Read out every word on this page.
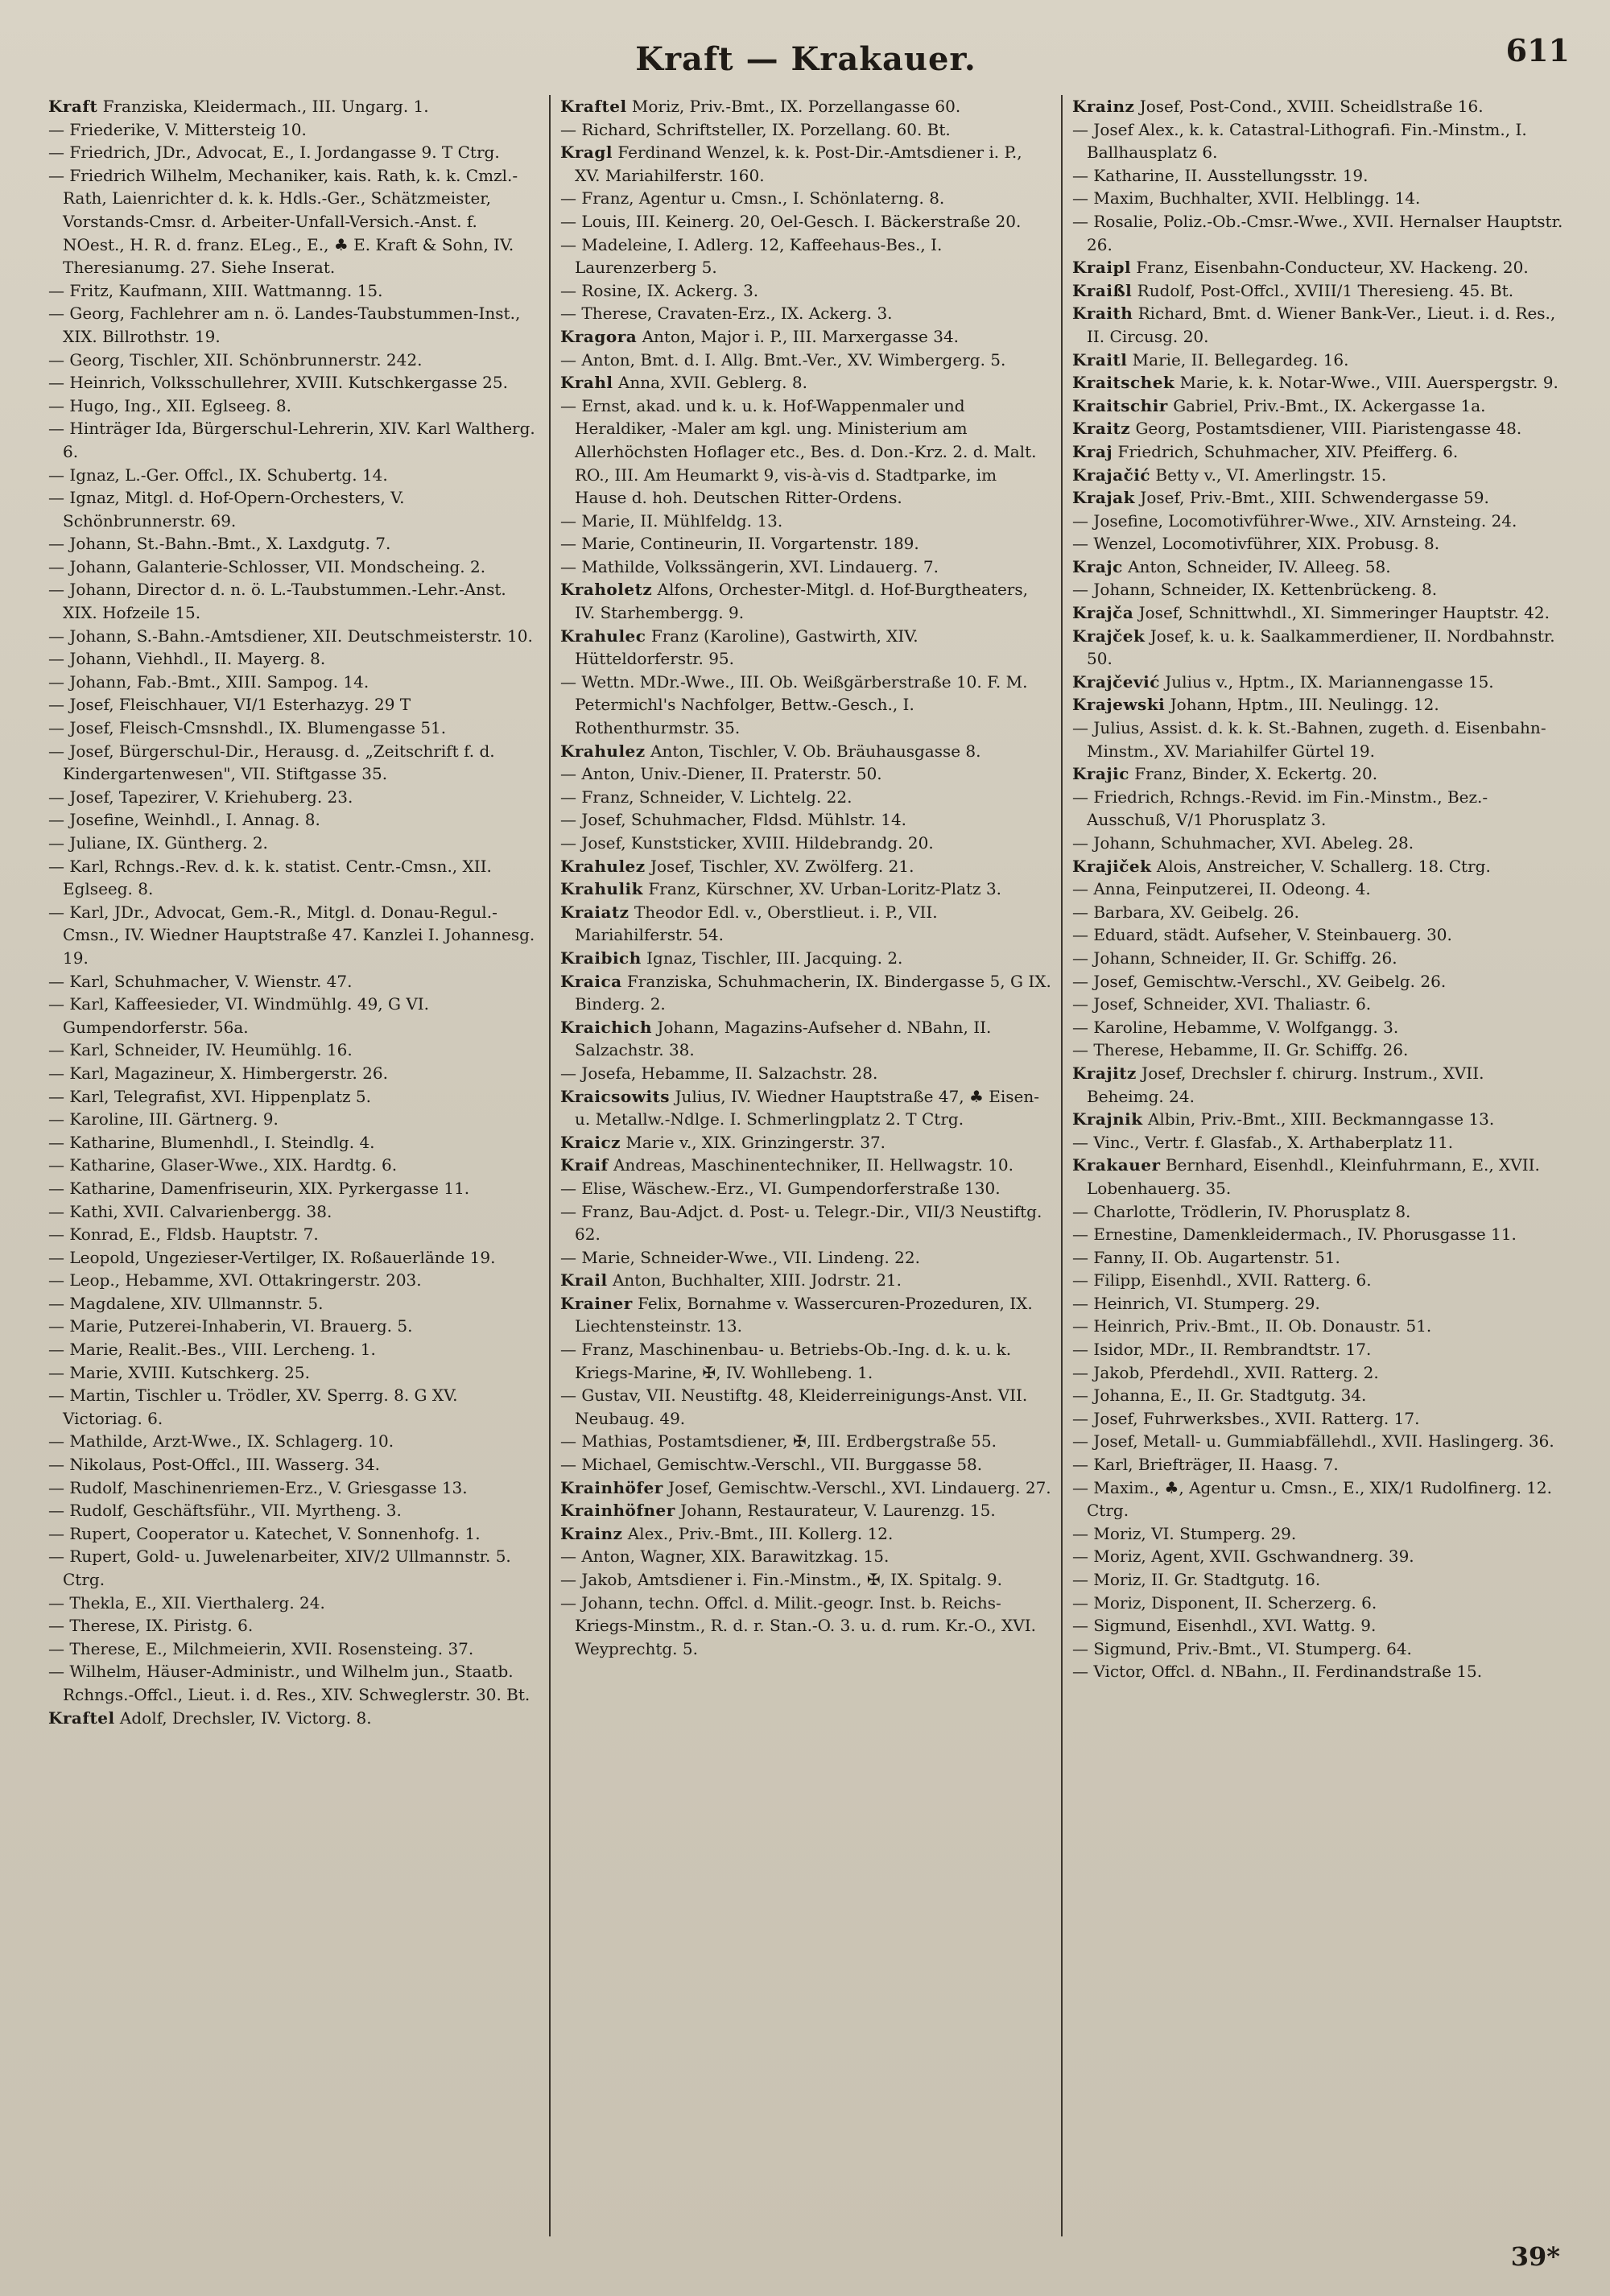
Kraft — Krakauer.	611
Kraft Franziska, Kleidermach., III. Ungarg. 1.
— Friederike, V. Mittersteig 10.
— Friedrich, JDr., Advocat, E., I. Jordangasse 9. T Ctrg.
— Friedrich Wilhelm, Mechaniker, kais. Rath, k. k. Cmzl.-Rath, Laienrichter d. k. k. Hdls.-Ger., Schätzmeister, Vorstands-Cmsr. d. Arbeiter-Unfall-Versich.-Anst. f. NOest., H. R. d. franz. ELeg., E., ♣ E. Kraft & Sohn, IV. Theresianumg. 27. Siehe Inserat.
— Fritz, Kaufmann, XIII. Wattmanng. 15.
— Georg, Fachlehrer am n. ö. Landes-Taubstummen-Inst., XIX. Billrothstr. 19.
— Georg, Tischler, XII. Schönbrunnerstr. 242.
— Heinrich, Volksschullehrer, XVIII. Kutschkergasse 25.
— Hugo, Ing., XII. Eglseeg. 8.
— Hinträger Ida, Bürgerschul-Lehrerin, XIV. Karl Waltherg. 6.
— Ignaz, L.-Ger. Offcl., IX. Schubertg. 14.
— Ignaz, Mitgl. d. Hof-Opern-Orchesters, V. Schönbrunnerstr. 69.
— Johann, St.-Bahn.-Bmt., X. Laxdgutg. 7.
— Johann, Galanterie-Schlosser, VII. Mondscheing. 2.
— Johann, Director d. n. ö. L.-Taubstummen.-Lehr.-Anst. XIX. Hofzeile 15.
— Johann, S.-Bahn.-Amtsdiener, XII. Deutschmeisterstr. 10.
— Johann, Viehhdl., II. Mayerg. 8.
— Johann, Fab.-Bmt., XIII. Sampog. 14.
— Josef, Fleischhauer, VI/1 Esterhazyg. 29 T
— Josef, Fleisch-Cmsnshdl., IX. Blumengasse 51.
— Josef, Bürgerschul-Dir., Herausg. d. „Zeitschrift f. d. Kindergartenwesen", VII. Stiftgasse 35.
— Josef, Tapezirer, V. Kriehuberg. 23.
— Josefine, Weinhdl., I. Annag. 8.
— Juliane, IX. Güntherg. 2.
— Karl, Rchngs.-Rev. d. k. k. statist. Centr.-Cmsn., XII. Eglseeg. 8.
— Karl, JDr., Advocat, Gem.-R., Mitgl. d. Donau-Regul.-Cmsn., IV. Wiedner Hauptstraße 47. Kanzlei I. Johannesg. 19.
— Karl, Schuhmacher, V. Wienstr. 47.
— Karl, Kaffeesieder, VI. Windmühlg. 49, G VI. Gumpendorferstr. 56a.
— Karl, Schneider, IV. Heumühlg. 16.
— Karl, Magazineur, X. Himbergerstr. 26.
— Karl, Telegrafist, XVI. Hippenplatz 5.
— Karoline, III. Gärtnerg. 9.
— Katharine, Blumenhdl., I. Steindlg. 4.
— Katharine, Glaser-Wwe., XIX. Hardtg. 6.
— Katharine, Damenfriseurin, XIX. Pyrkergasse 11.
— Kathi, XVII. Calvarienbergg. 38.
— Konrad, E., Fldsb. Hauptstr. 7.
— Leopold, Ungezieser-Vertilger, IX. Roßauerlände 19.
— Leop., Hebamme, XVI. Ottakringerstr. 203.
— Magdalene, XIV. Ullmannstr. 5.
— Marie, Putzerei-Inhaberin, VI. Brauerg. 5.
— Marie, Realit.-Bes., VIII. Lercheng. 1.
— Marie, XVIII. Kutschkerg. 25.
— Martin, Tischler u. Trödler, XV. Sperrg. 8. G XV. Victoriag. 6.
— Mathilde, Arzt-Wwe., IX. Schlagerg. 10.
— Nikolaus, Post-Offcl., III. Wasserg. 34.
— Rudolf, Maschinenriemen-Erz., V. Griesgasse 13.
— Rudolf, Geschäftsführ., VII. Myrtheng. 3.
— Rupert, Cooperator u. Katechet, V. Sonnenhofg. 1.
— Rupert, Gold- u. Juwelenarbeiter, XIV/2 Ullmannstr. 5. Ctrg.
— Thekla, E., XII. Vierthalerg. 24.
— Therese, IX. Piristg. 6.
— Therese, E., Milchmeierin, XVII. Rosensteing. 37.
— Wilhelm, Häuser-Administr., und Wilhelm jun., Staatb. Rchngs.-Offcl., Lieut. i. d. Res., XIV. Schweglerstr. 30. Bt.
Kraftel Adolf, Drechsler, IV. Victorg. 8.
Kraftel Moriz, Priv.-Bmt., IX. Porzellangasse 60.
— Richard, Schriftsteller, IX. Porzellang. 60. Bt.
Kragl Ferdinand Wenzel, k. k. Post-Dir.-Amtsdiener i. P., XV. Mariahilferstr. 160.
— Franz, Agentur u. Cmsn., I. Schönlaterng. 8.
— Louis, III. Keinerg. 20, Oel-Gesch. I. Bäckerstraße 20.
— Madeleine, I. Adlerg. 12, Kaffeehaus-Bes., I. Laurenzerberg 5.
— Rosine, IX. Ackerg. 3.
— Therese, Cravaten-Erz., IX. Ackerg. 3.
Kragora Anton, Major i. P., III. Marxergasse 34.
— Anton, Bmt. d. I. Allg. Bmt.-Ver., XV. Wimbergerg. 5.
Krahl Anna, XVII. Geblerg. 8.
— Ernst, akad. und k. u. k. Hof-Wappenmaler und Heraldiker, -Maler am kgl. ung. Ministerium am Allerhöchsten Hoflager etc., Bes. d. Don.-Krz. 2. d. Malt. RO., III. Am Heumarkt 9, vis-à-vis d. Stadtparke, im Hause d. hoh. Deutschen Ritter-Ordens.
— Marie, II. Mühlfeldg. 13.
— Marie, Contineurin, II. Vorgartenstr. 189.
— Mathilde, Volkssängerin, XVI. Lindauerg. 7.
Kraholetz Alfons, Orchester-Mitgl. d. Hof-Burgtheaters, IV. Starhembergg. 9.
Krahulec Franz (Karoline), Gastwirth, XIV. Hütteldorferstr. 95.
— Wettn. MDr.-Wwe., III. Ob. Weißgärberstraße 10. F. M. Petermichl's Nachfolger, Bettw.-Gesch., I. Rothenthurmstr. 35.
Krahulez Anton, Tischler, V. Ob. Bräuhausgasse 8.
— Anton, Univ.-Diener, II. Praterstr. 50.
— Franz, Schneider, V. Lichtelg. 22.
— Josef, Schuhmacher, Fldsd. Mühlstr. 14.
— Josef, Kunststicker, XVIII. Hildebrandg. 20.
Krahulez Josef, Tischler, XV. Zwölferg. 21.
Krahulik Franz, Kürschner, XV. Urban-Loritz-Platz 3.
Kraiatz Theodor Edl. v., Oberstlieut. i. P., VII. Mariahilferstr. 54.
Kraibich Ignaz, Tischler, III. Jacquing. 2.
Kraica Franziska, Schuhmacherin, IX. Bindergasse 5, G IX. Binderg. 2.
Kraichich Johann, Magazins-Aufseher d. NBahn, II. Salzachstr. 38.
— Josefa, Hebamme, II. Salzachstr. 28.
Kraicsowits Julius, IV. Wiedner Hauptstraße 47, ♣ Eisen- u. Metallw.-Ndlge. I. Schmerlingplatz 2. T Ctrg.
Kraicz Marie v., XIX. Grinzingerstr. 37.
Kraif Andreas, Maschinentechniker, II. Hellwagstr. 10.
— Elise, Wäschew.-Erz., VI. Gumpendorferstraße 130.
— Franz, Bau-Adjct. d. Post- u. Telegr.-Dir., VII/3 Neustiftg. 62.
— Marie, Schneider-Wwe., VII. Lindeng. 22.
Krail Anton, Buchhalter, XIII. Jodrstr. 21.
Krainer Felix, Bornahme v. Wassercuren-Prozeduren, IX. Liechtensteinstr. 13.
— Franz, Maschinenbau- u. Betriebs-Ob.-Ing. d. k. u. k. Kriegs-Marine, ✠, IV. Wohllebeng. 1.
— Gustav, VII. Neustiftg. 48, Kleiderreinigungs-Anst. VII. Neubaug. 49.
— Mathias, Postamtsdiener, ✠, III. Erdbergstraße 55.
— Michael, Gemischtw.-Verschl., VII. Burggasse 58.
Krainhöfer Josef, Gemischtw.-Verschl., XVI. Lindauerg. 27.
Krainhöfner Johann, Restaurateur, V. Laurenzg. 15.
Krainz Alex., Priv.-Bmt., III. Kollerg. 12.
— Anton, Wagner, XIX. Barawitzkag. 15.
— Jakob, Amtsdiener i. Fin.-Minstm., ✠, IX. Spitalg. 9.
— Johann, techn. Offcl. d. Milit.-geogr. Inst. b. Reichs-Kriegs-Minstm., R. d. r. Stan.-O. 3. u. d. rum. Kr.-O., XVI. Weyprechtg. 5.
Krainz Josef, Post-Cond., XVIII. Scheidlstraße 16.
— Josef Alex., k. k. Catastral-Lithografi. Fin.-Minstm., I. Ballhausplatz 6.
— Katharine, II. Ausstellungsstr. 19.
— Maxim, Buchhalter, XVII. Helblingg. 14.
— Rosalie, Poliz.-Ob.-Cmsr.-Wwe., XVII. Hernalser Hauptstr. 26.
Kraipl Franz, Eisenbahn-Conducteur, XV. Hackeng. 20.
Kraißl Rudolf, Post-Offcl., XVIII/1 Theresieng. 45. Bt.
Kraith Richard, Bmt. d. Wiener Bank-Ver., Lieut. i. d. Res., II. Circusg. 20.
Kraitl Marie, II. Bellegardeg. 16.
Kraitschek Marie, k. k. Notar-Wwe., VIII. Auerspergstr. 9.
Kraitschir Gabriel, Priv.-Bmt., IX. Ackergasse 1a.
Kraitz Georg, Postamtsdiener, VIII. Piaristengasse 48.
Kraj Friedrich, Schuhmacher, XIV. Pfeifferg. 6.
Krajačić Betty v., VI. Amerlingstr. 15.
Krajak Josef, Priv.-Bmt., XIII. Schwendergasse 59.
— Josefine, Locomotivführer-Wwe., XIV. Arnsteing. 24.
— Wenzel, Locomotivführer, XIX. Probusg. 8.
Krajc Anton, Schneider, IV. Alleeg. 58.
— Johann, Schneider, IX. Kettenbrückeng. 8.
Krajča Josef, Schnittwhdl., XI. Simmeringer Hauptstr. 42.
Krajček Josef, k. u. k. Saalkammerdiener, II. Nordbahnstr. 50.
Krajčević Julius v., Hptm., IX. Mariannengasse 15.
Krajewski Johann, Hptm., III. Neulingg. 12.
— Julius, Assist. d. k. k. St.-Bahnen, zugeth. d. Eisenbahn-Minstm., XV. Mariahilfer Gürtel 19.
Krajic Franz, Binder, X. Eckertg. 20.
— Friedrich, Rchngs.-Revid. im Fin.-Minstm., Bez.-Ausschuß, V/1 Phorusplatz 3.
— Johann, Schuhmacher, XVI. Abeleg. 28.
Krajiček Alois, Anstreicher, V. Schallerg. 18. Ctrg.
— Anna, Feinputzerei, II. Odeong. 4.
— Barbara, XV. Geibelg. 26.
— Eduard, städt. Aufseher, V. Steinbauerg. 30.
— Johann, Schneider, II. Gr. Schiffg. 26.
— Josef, Gemischtw.-Verschl., XV. Geibelg. 26.
— Josef, Schneider, XVI. Thaliastr. 6.
— Karoline, Hebamme, V. Wolfgangg. 3.
— Therese, Hebamme, II. Gr. Schiffg. 26.
Krajitz Josef, Drechsler f. chirurg. Instrum., XVII. Beheimg. 24.
Krajnik Albin, Priv.-Bmt., XIII. Beckmanngasse 13.
— Vinc., Vertr. f. Glasfab., X. Arthaberplatz 11.
Krakauer Bernhard, Eisenhdl., Kleinfuhrmann, E., XVII. Lobenhauerg. 35.
— Charlotte, Trödlerin, IV. Phorusplatz 8.
— Ernestine, Damenkleidermach., IV. Phorusgasse 11.
— Fanny, II. Ob. Augartenstr. 51.
— Filipp, Eisenhdl., XVII. Ratterg. 6.
— Heinrich, VI. Stumperg. 29.
— Heinrich, Priv.-Bmt., II. Ob. Donaustr. 51.
— Isidor, MDr., II. Rembrandtstr. 17.
— Jakob, Pferdehdl., XVII. Ratterg. 2.
— Johanna, E., II. Gr. Stadtgutg. 34.
— Josef, Fuhrwerksbes., XVII. Ratterg. 17.
— Josef, Metall- u. Gummiabfällehdl., XVII. Haslingerg. 36.
— Karl, Briefträger, II. Haasg. 7.
— Maxim., ♣, Agentur u. Cmsn., E., XIX/1 Rudolfinerg. 12. Ctrg.
— Moriz, VI. Stumperg. 29.
— Moriz, Agent, XVII. Gschwandnerg. 39.
— Moriz, II. Gr. Stadtgutg. 16.
— Moriz, Disponent, II. Scherzerg. 6.
— Sigmund, Eisenhdl., XVI. Wattg. 9.
— Sigmund, Priv.-Bmt., VI. Stumperg. 64.
— Victor, Offcl. d. NBahn., II. Ferdinandstraße 15.
39*
